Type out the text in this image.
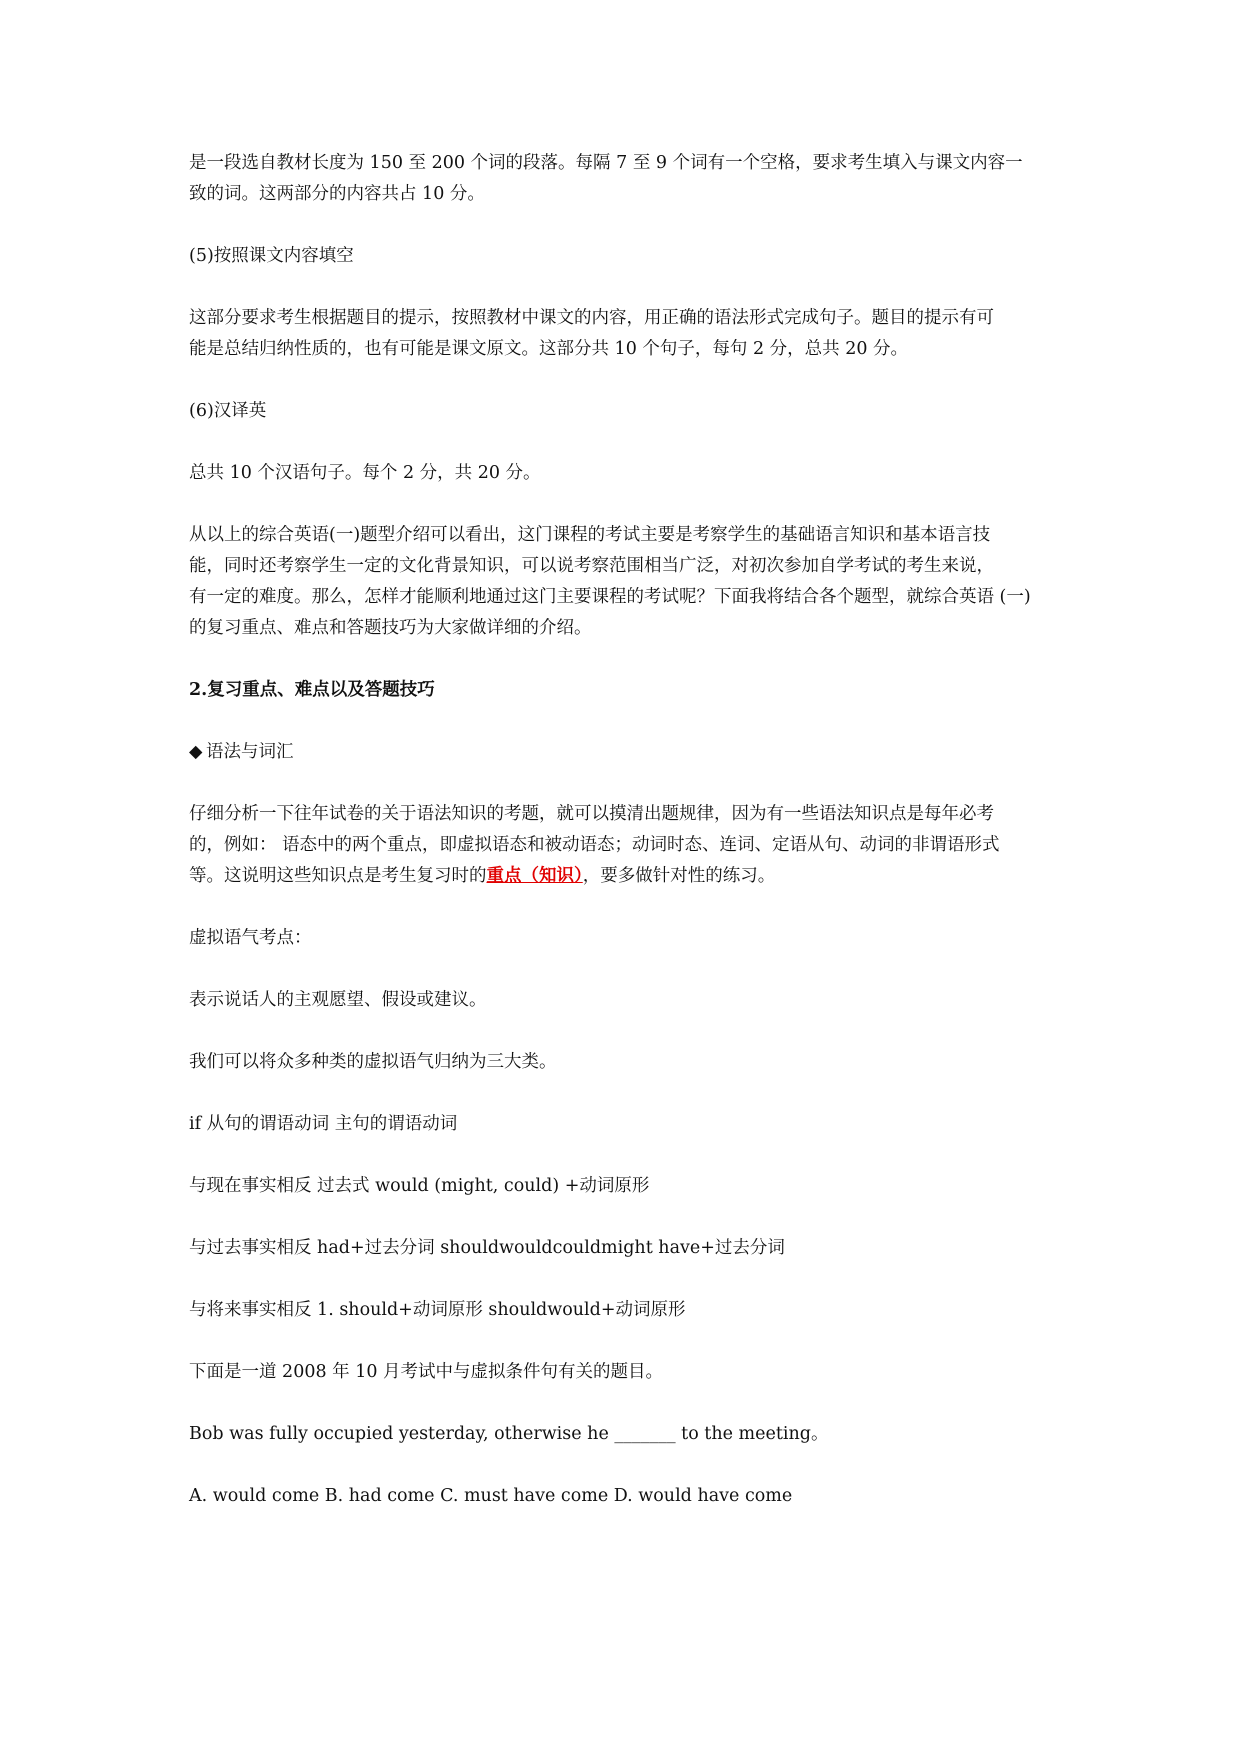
是一段选自教材长度为 150 至 200 个词的段落。每隔 7 至 9 个词有一个空格，要求考生填入与课文内容一
致的词。这两部分的内容共占 10 分。

(5)按照课文内容填空

这部分要求考生根据题目的提示，按照教材中课文的内容，用正确的语法形式完成句子。题目的提示有可
能是总结归纳性质的，也有可能是课文原文。这部分共 10 个句子，每句 2 分，总共 20 分。

(6)汉译英

总共 10 个汉语句子。每个 2 分，共 20 分。

从以上的综合英语(一)题型介绍可以看出，这门课程的考试主要是考察学生的基础语言知识和基本语言技
能，同时还考察学生一定的文化背景知识，可以说考察范围相当广泛，对初次参加自学考试的考生来说，
有一定的难度。那么，怎样才能顺利地通过这门主要课程的考试呢？下面我将结合各个题型，就综合英语 (一)
的复习重点、难点和答题技巧为大家做详细的介绍。

2.复习重点、难点以及答题技巧

◆ 语法与词汇

仔细分析一下往年试卷的关于语法知识的考题，就可以摸清出题规律，因为有一些语法知识点是每年必考
的，例如： 语态中的两个重点，即虚拟语态和被动语态；动词时态、连词、定语从句、动词的非谓语形式
等。这说明这些知识点是考生复习时的重点（知识），要多做针对性的练习。

虚拟语气考点：

表示说话人的主观愿望、假设或建议。

我们可以将众多种类的虚拟语气归纳为三大类。

if 从句的谓语动词 主句的谓语动词

与现在事实相反 过去式 would (might, could) +动词原形

与过去事实相反 had+过去分词 shouldwouldcouldmight have+过去分词

与将来事实相反 1. should+动词原形 shouldwould+动词原形

下面是一道 2008 年 10 月考试中与虚拟条件句有关的题目。

Bob was fully occupied yesterday, otherwise he _______ to the meeting。

A. would come B. had come C. must have come D. would have come
